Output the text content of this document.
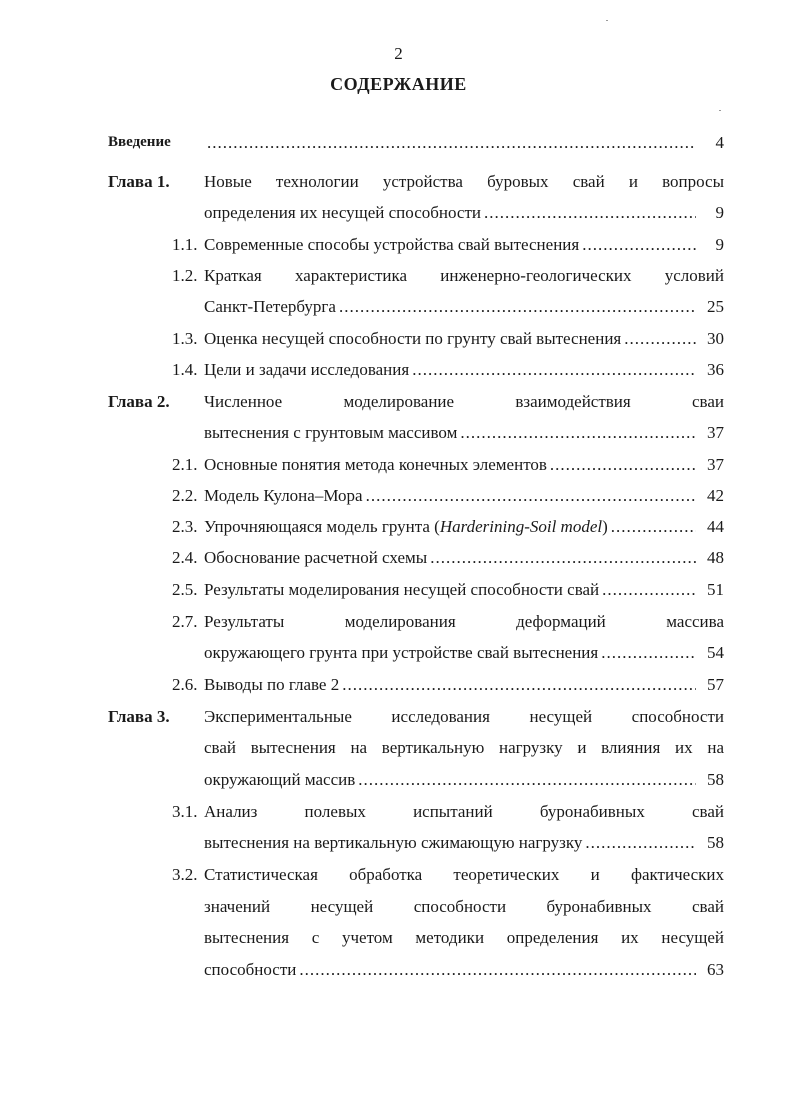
2
СОДЕРЖАНИЕ
Введение .....	4
Глава 1. Новые технологии устройства буровых свай и вопросы
определения их несущей способности .....	9
1.1. Современные способы устройства свай вытеснения .....	9
1.2. Краткая характеристика инженерно-геологических условий
Санкт-Петербурга .....	25
1.3. Оценка несущей способности по грунту свай вытеснения .....	30
1.4. Цели и задачи исследования .....	36
Глава 2. Численное моделирование взаимодействия сваи
вытеснения с грунтовым массивом .....	37
2.1. Основные понятия метода конечных элементов .....	37
2.2. Модель Кулона–Мора .....	42
2.3. Упрочняющаяся модель грунта (Harderining-Soil model) .....	44
2.4. Обоснование расчетной схемы .....	48
2.5. Результаты моделирования несущей способности свай .....	51
2.7. Результаты моделирования деформаций массива
окружающего грунта при устройстве свай вытеснения .....	54
2.6. Выводы по главе 2 .....	57
Глава 3. Экспериментальные исследования несущей способности
свай вытеснения на вертикальную нагрузку и влияния их на
окружающий массив .....	58
3.1. Анализ полевых испытаний буронабивных свай
вытеснения на вертикальную сжимающую нагрузку .....	58
3.2. Статистическая обработка теоретических и фактических
значений несущей способности буронабивных свай
вытеснения с учетом методики определения их несущей
способности .....	63
